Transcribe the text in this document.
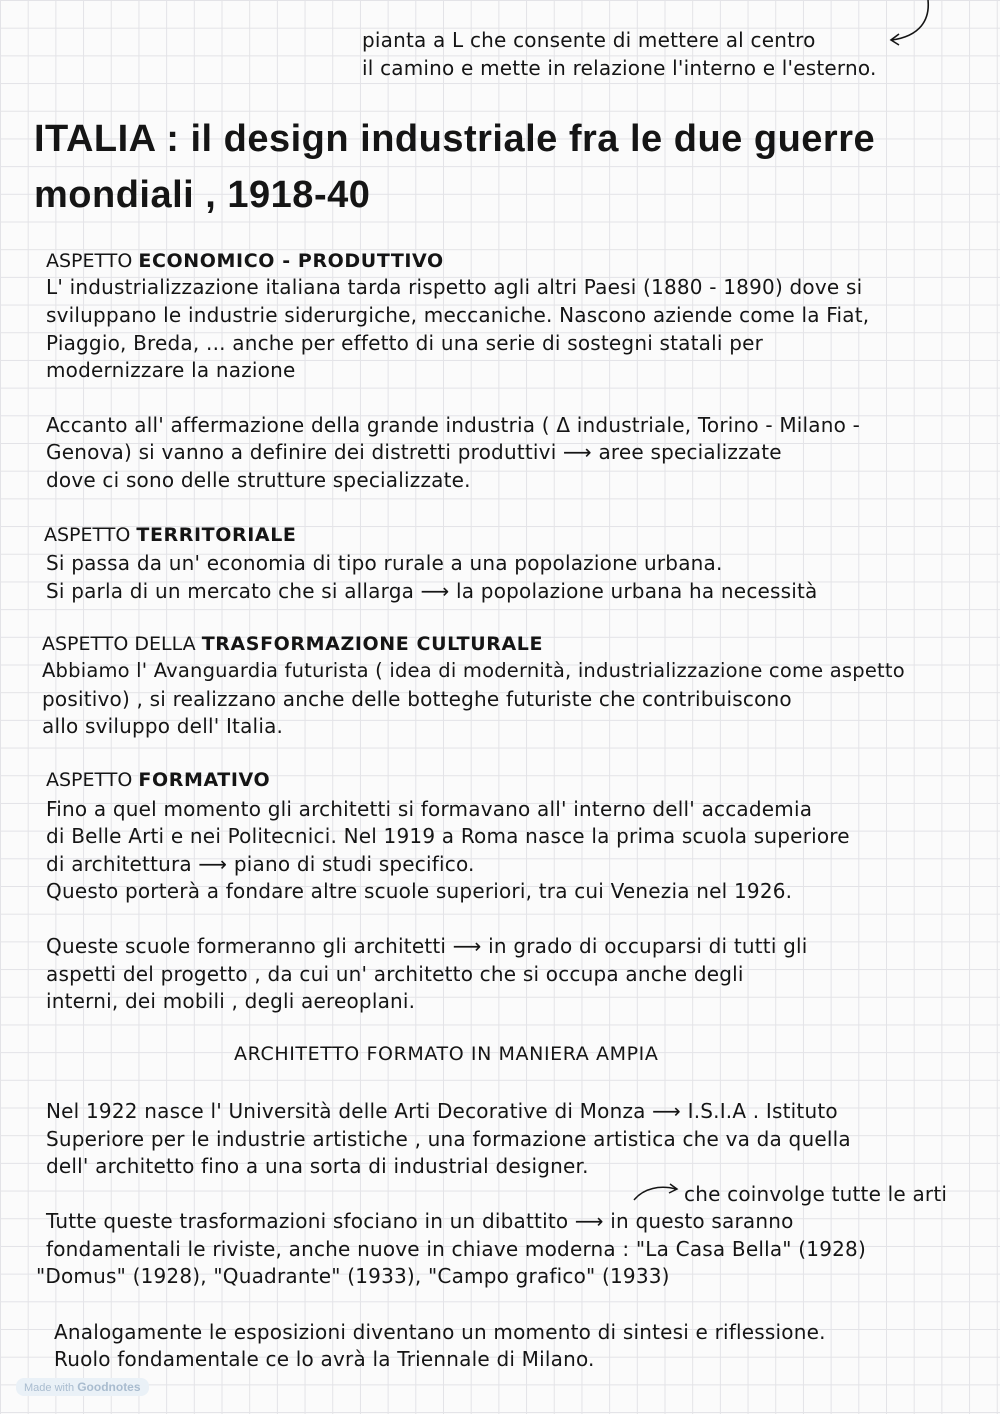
pianta a L che consente di mettere al centro
il camino e mette in relazione l'interno e l'esterno.
ITALIA : il design industriale fra le due guerre
mondiali , 1918-40
ASPETTO ECONOMICO - PRODUTTIVO
L' industrializzazione italiana tarda rispetto agli altri Paesi (1880 - 1890) dove si
sviluppano le industrie siderurgiche, meccaniche. Nascono aziende come la Fiat,
Piaggio, Breda, ... anche per effetto di una serie di sostegni statali per
modernizzare la nazione
Accanto all' affermazione della grande industria ( Δ industriale, Torino - Milano -
Genova) si vanno a definire dei distretti produttivi ⟶ aree specializzate
dove ci sono delle strutture specializzate.
ASPETTO TERRITORIALE
Si passa da un' economia di tipo rurale a una popolazione urbana.
Si parla di un mercato che si allarga ⟶ la popolazione urbana ha necessità
ASPETTO DELLA TRASFORMAZIONE CULTURALE
Abbiamo l' Avanguardia futurista ( idea di modernità, industrializzazione come aspetto
positivo) , si realizzano anche delle botteghe futuriste che contribuiscono
allo sviluppo dell' Italia.
ASPETTO FORMATIVO
Fino a quel momento gli architetti si formavano all' interno dell' accademia
di Belle Arti e nei Politecnici. Nel 1919 a Roma nasce la prima scuola superiore
di architettura ⟶ piano di studi specifico.
Questo porterà a fondare altre scuole superiori, tra cui Venezia nel 1926.
Queste scuole formeranno gli architetti ⟶ in grado di occuparsi di tutti gli
aspetti del progetto , da cui un' architetto che si occupa anche degli
interni, dei mobili , degli aereoplani.
ARCHITETTO FORMATO IN MANIERA AMPIA
Nel 1922 nasce l' Università delle Arti Decorative di Monza ⟶ I.S.I.A . Istituto
Superiore per le industrie artistiche , una formazione artistica che va da quella
dell' architetto fino a una sorta di industrial designer.
che coinvolge tutte le arti
Tutte queste trasformazioni sfociano in un dibattito ⟶ in questo saranno
fondamentali le riviste, anche nuove in chiave moderna : "La Casa Bella" (1928)
"Domus" (1928), "Quadrante" (1933), "Campo grafico" (1933)
Analogamente le esposizioni diventano un momento di sintesi e riflessione.
Ruolo fondamentale ce lo avrà la Triennale di Milano.
Made with Goodnotes
